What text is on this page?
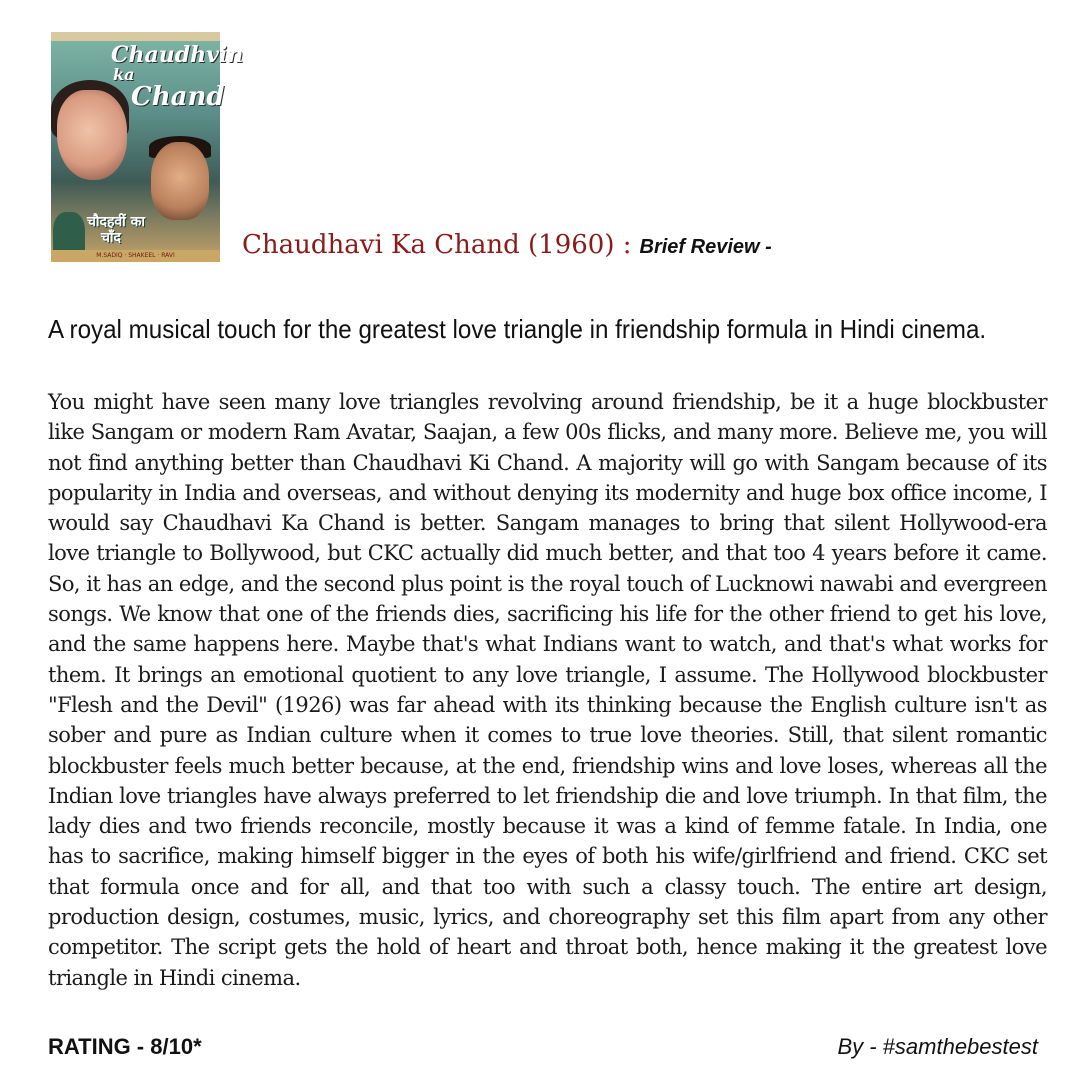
Chaudhvin
ka
Chand
चौदहवीं का
चाँद
M.SADIQ · SHAKEEL · RAVI	Chaudhavi Ka Chand (1960) : Brief Review -
A royal musical touch for the greatest love triangle in friendship formula in Hindi cinema.

You might have seen many love triangles revolving around friendship, be it a huge blockbuster like Sangam or modern Ram Avatar, Saajan, a few 00s flicks, and many more. Believe me, you will not find anything better than Chaudhavi Ki Chand. A majority will go with Sangam because of its popularity in India and overseas, and without denying its modernity and huge box office income, I would say Chaudhavi Ka Chand is better. Sangam manages to bring that silent Hollywood-era love triangle to Bollywood, but CKC actually did much better, and that too 4 years before it came. So, it has an edge, and the second plus point is the royal touch of Lucknowi nawabi and evergreen songs. We know that one of the friends dies, sacrificing his life for the other friend to get his love, and the same happens here. Maybe that's what Indians want to watch, and that's what works for them. It brings an emotional quotient to any love triangle, I assume. The Hollywood blockbuster "Flesh and the Devil" (1926) was far ahead with its thinking because the English culture isn't as sober and pure as Indian culture when it comes to true love theories. Still, that silent romantic blockbuster feels much better because, at the end, friendship wins and love loses, whereas all the Indian love triangles have always preferred to let friendship die and love triumph. In that film, the lady dies and two friends reconcile, mostly because it was a kind of femme fatale. In India, one has to sacrifice, making himself bigger in the eyes of both his wife/girlfriend and friend. CKC set that formula once and for all, and that too with such a classy touch. The entire art design, production design, costumes, music, lyrics, and choreography set this film apart from any other competitor. The script gets the hold of heart and throat both, hence making it the greatest love triangle in Hindi cinema.

RATING - 8/10*	By - #samthebestest
